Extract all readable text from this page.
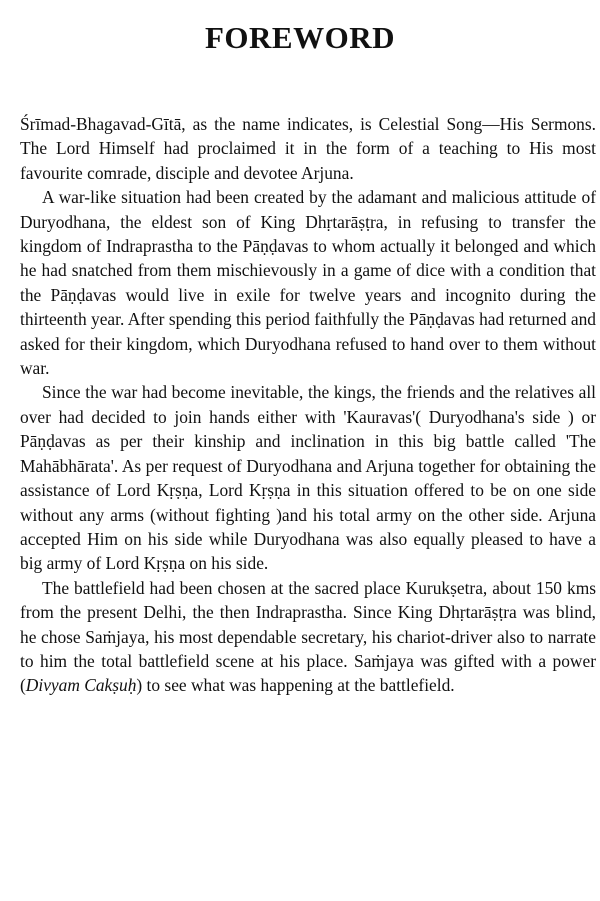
FOREWORD

Śrīmad-Bhagavad-Gītā, as the name indicates, is Celestial Song—His Sermons. The Lord Himself had proclaimed it in the form of a teaching to His most favourite comrade, disciple and devotee Arjuna.

A war-like situation had been created by the adamant and malicious attitude of Duryodhana, the eldest son of King Dhṛtarāṣṭra, in refusing to transfer the kingdom of Indraprastha to the Pāṇḍavas to whom actually it belonged and which he had snatched from them mischievously in a game of dice with a condition that the Pāṇḍavas would live in exile for twelve years and incognito during the thirteenth year. After spending this period faithfully the Pāṇḍavas had returned and asked for their kingdom, which Duryodhana refused to hand over to them without war.

Since the war had become inevitable, the kings, the friends and the relatives all over had decided to join hands either with 'Kauravas'( Duryodhana's side ) or Pāṇḍavas as per their kinship and inclination in this big battle called 'The Mahābhārata'. As per request of Duryodhana and Arjuna together for obtaining the assistance of Lord Kṛṣṇa, Lord Kṛṣṇa in this situation offered to be on one side without any arms (without fighting )and his total army on the other side. Arjuna accepted Him on his side while Duryodhana was also equally pleased to have a big army of Lord Kṛṣṇa on his side.

The battlefield had been chosen at the sacred place Kurukṣetra, about 150 kms from the present Delhi, the then Indraprastha. Since King Dhṛtarāṣṭra was blind, he chose Saṁjaya, his most dependable secretary, his chariot-driver also to narrate to him the total battlefield scene at his place. Saṁjaya was gifted with a power (Divyam Cakṣuḥ) to see what was happening at the battlefield.
